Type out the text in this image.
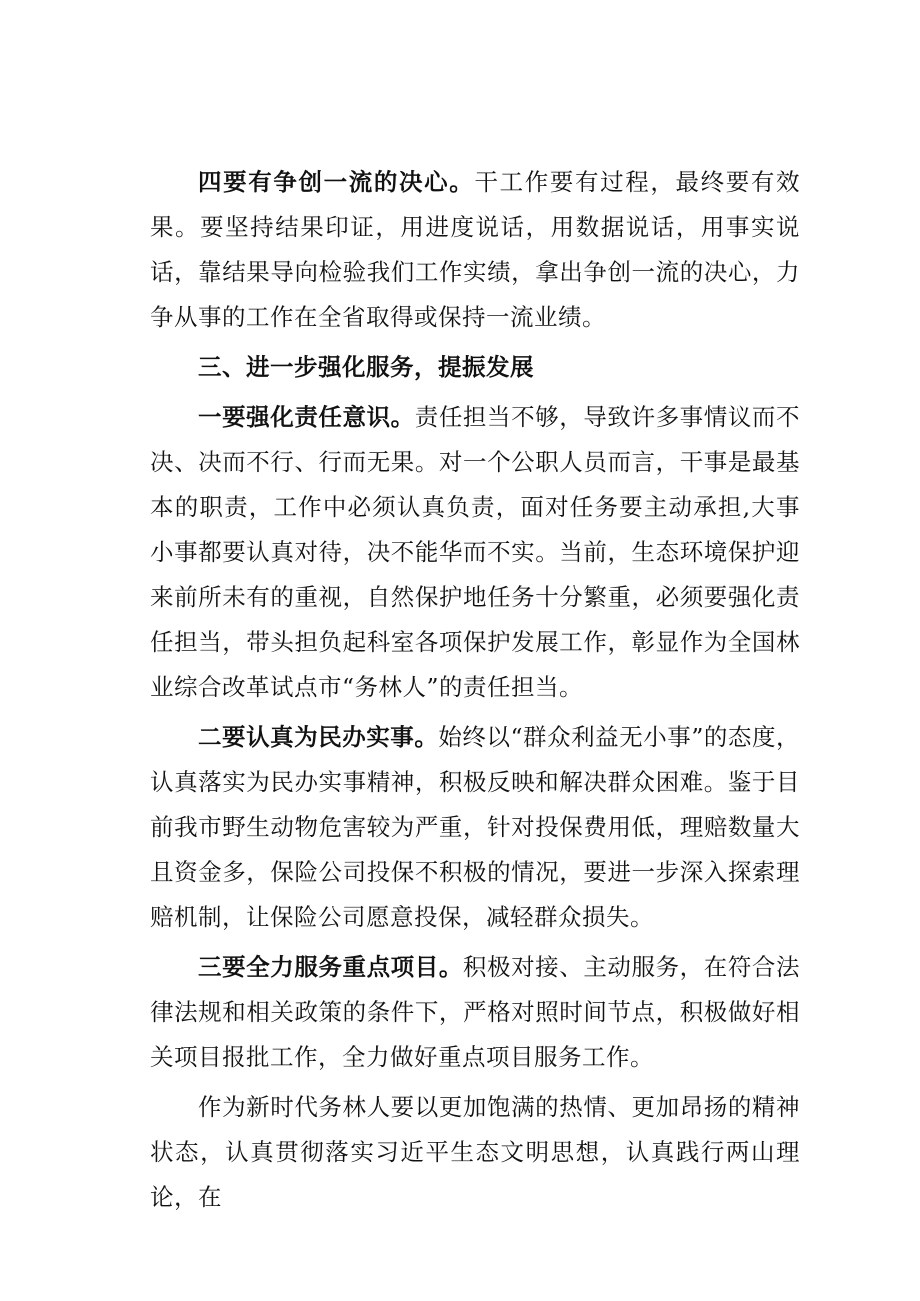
四要有争创一流的决心。干工作要有过程，最终要有效果。要坚持结果印证，用进度说话，用数据说话，用事实说话，靠结果导向检验我们工作实绩，拿出争创一流的决心，力争从事的工作在全省取得或保持一流业绩。

三、进一步强化服务，提振发展

一要强化责任意识。责任担当不够，导致许多事情议而不决、决而不行、行而无果。对一个公职人员而言，干事是最基本的职责，工作中必须认真负责，面对任务要主动承担,大事小事都要认真对待，决不能华而不实。当前，生态环境保护迎来前所未有的重视，自然保护地任务十分繁重，必须要强化责任担当，带头担负起科室各项保护发展工作，彰显作为全国林业综合改革试点市“务林人”的责任担当。

二要认真为民办实事。始终以“群众利益无小事”的态度，认真落实为民办实事精神，积极反映和解决群众困难。鉴于目前我市野生动物危害较为严重，针对投保费用低，理赔数量大且资金多，保险公司投保不积极的情况，要进一步深入探索理赔机制，让保险公司愿意投保，减轻群众损失。

三要全力服务重点项目。积极对接、主动服务，在符合法律法规和相关政策的条件下，严格对照时间节点，积极做好相关项目报批工作，全力做好重点项目服务工作。

作为新时代务林人要以更加饱满的热情、更加昂扬的精神状态，认真贯彻落实习近平生态文明思想，认真践行两山理论，在
